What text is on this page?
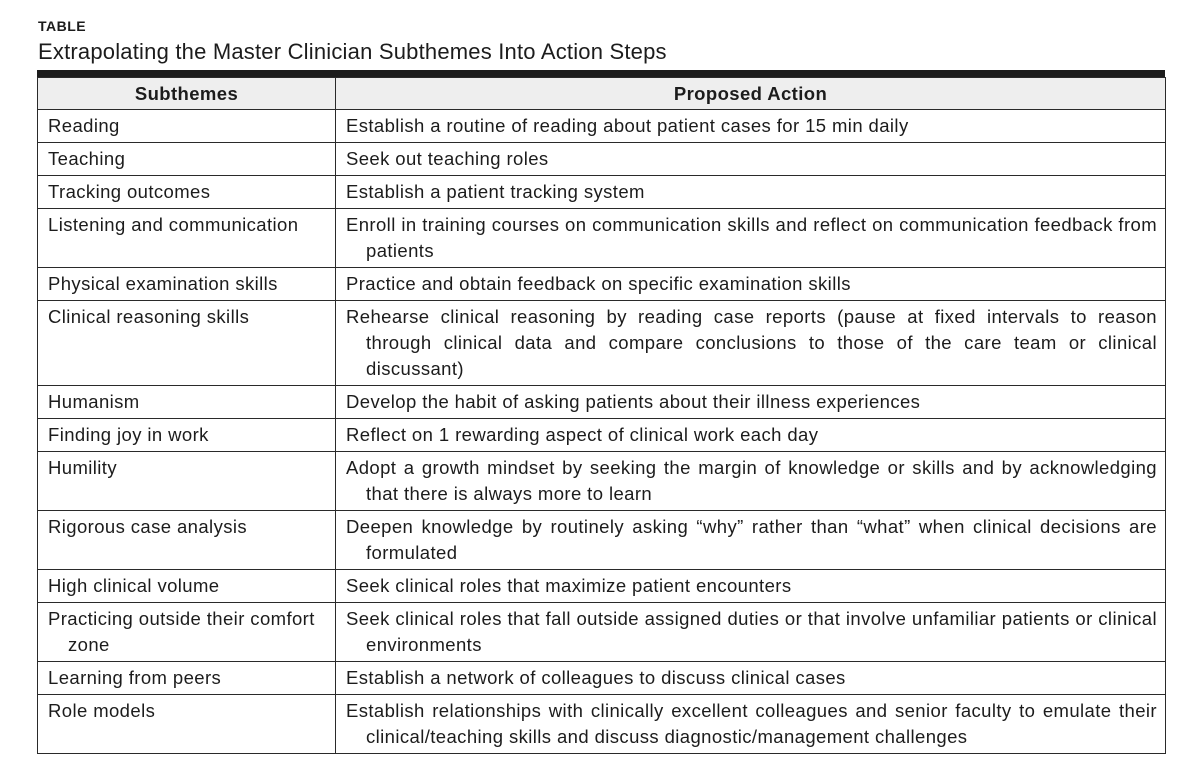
TABLE
Extrapolating the Master Clinician Subthemes Into Action Steps
Subthemes	Proposed Action

Reading	Establish a routine of reading about patient cases for 15 min daily

Teaching	Seek out teaching roles

Tracking outcomes	Establish a patient tracking system

Listening and communication	Enroll in training courses on communication skills and reflect on communication feedback from patients

Physical examination skills	Practice and obtain feedback on specific examination skills

Clinical reasoning skills	Rehearse clinical reasoning by reading case reports (pause at fixed intervals to reason through clinical data and compare conclusions to those of the care team or clinical discussant)

Humanism	Develop the habit of asking patients about their illness experiences

Finding joy in work	Reflect on 1 rewarding aspect of clinical work each day

Humility	Adopt a growth mindset by seeking the margin of knowledge or skills and by acknowledging that there is always more to learn

Rigorous case analysis	Deepen knowledge by routinely asking “why” rather than “what” when clinical decisions are formulated

High clinical volume	Seek clinical roles that maximize patient encounters

Practicing outside their comfort zone	Seek clinical roles that fall outside assigned duties or that involve unfamiliar patients or clinical environments

Learning from peers	Establish a network of colleagues to discuss clinical cases

Role models	Establish relationships with clinically excellent colleagues and senior faculty to emulate their clinical/teaching skills and discuss diagnostic/management challenges
